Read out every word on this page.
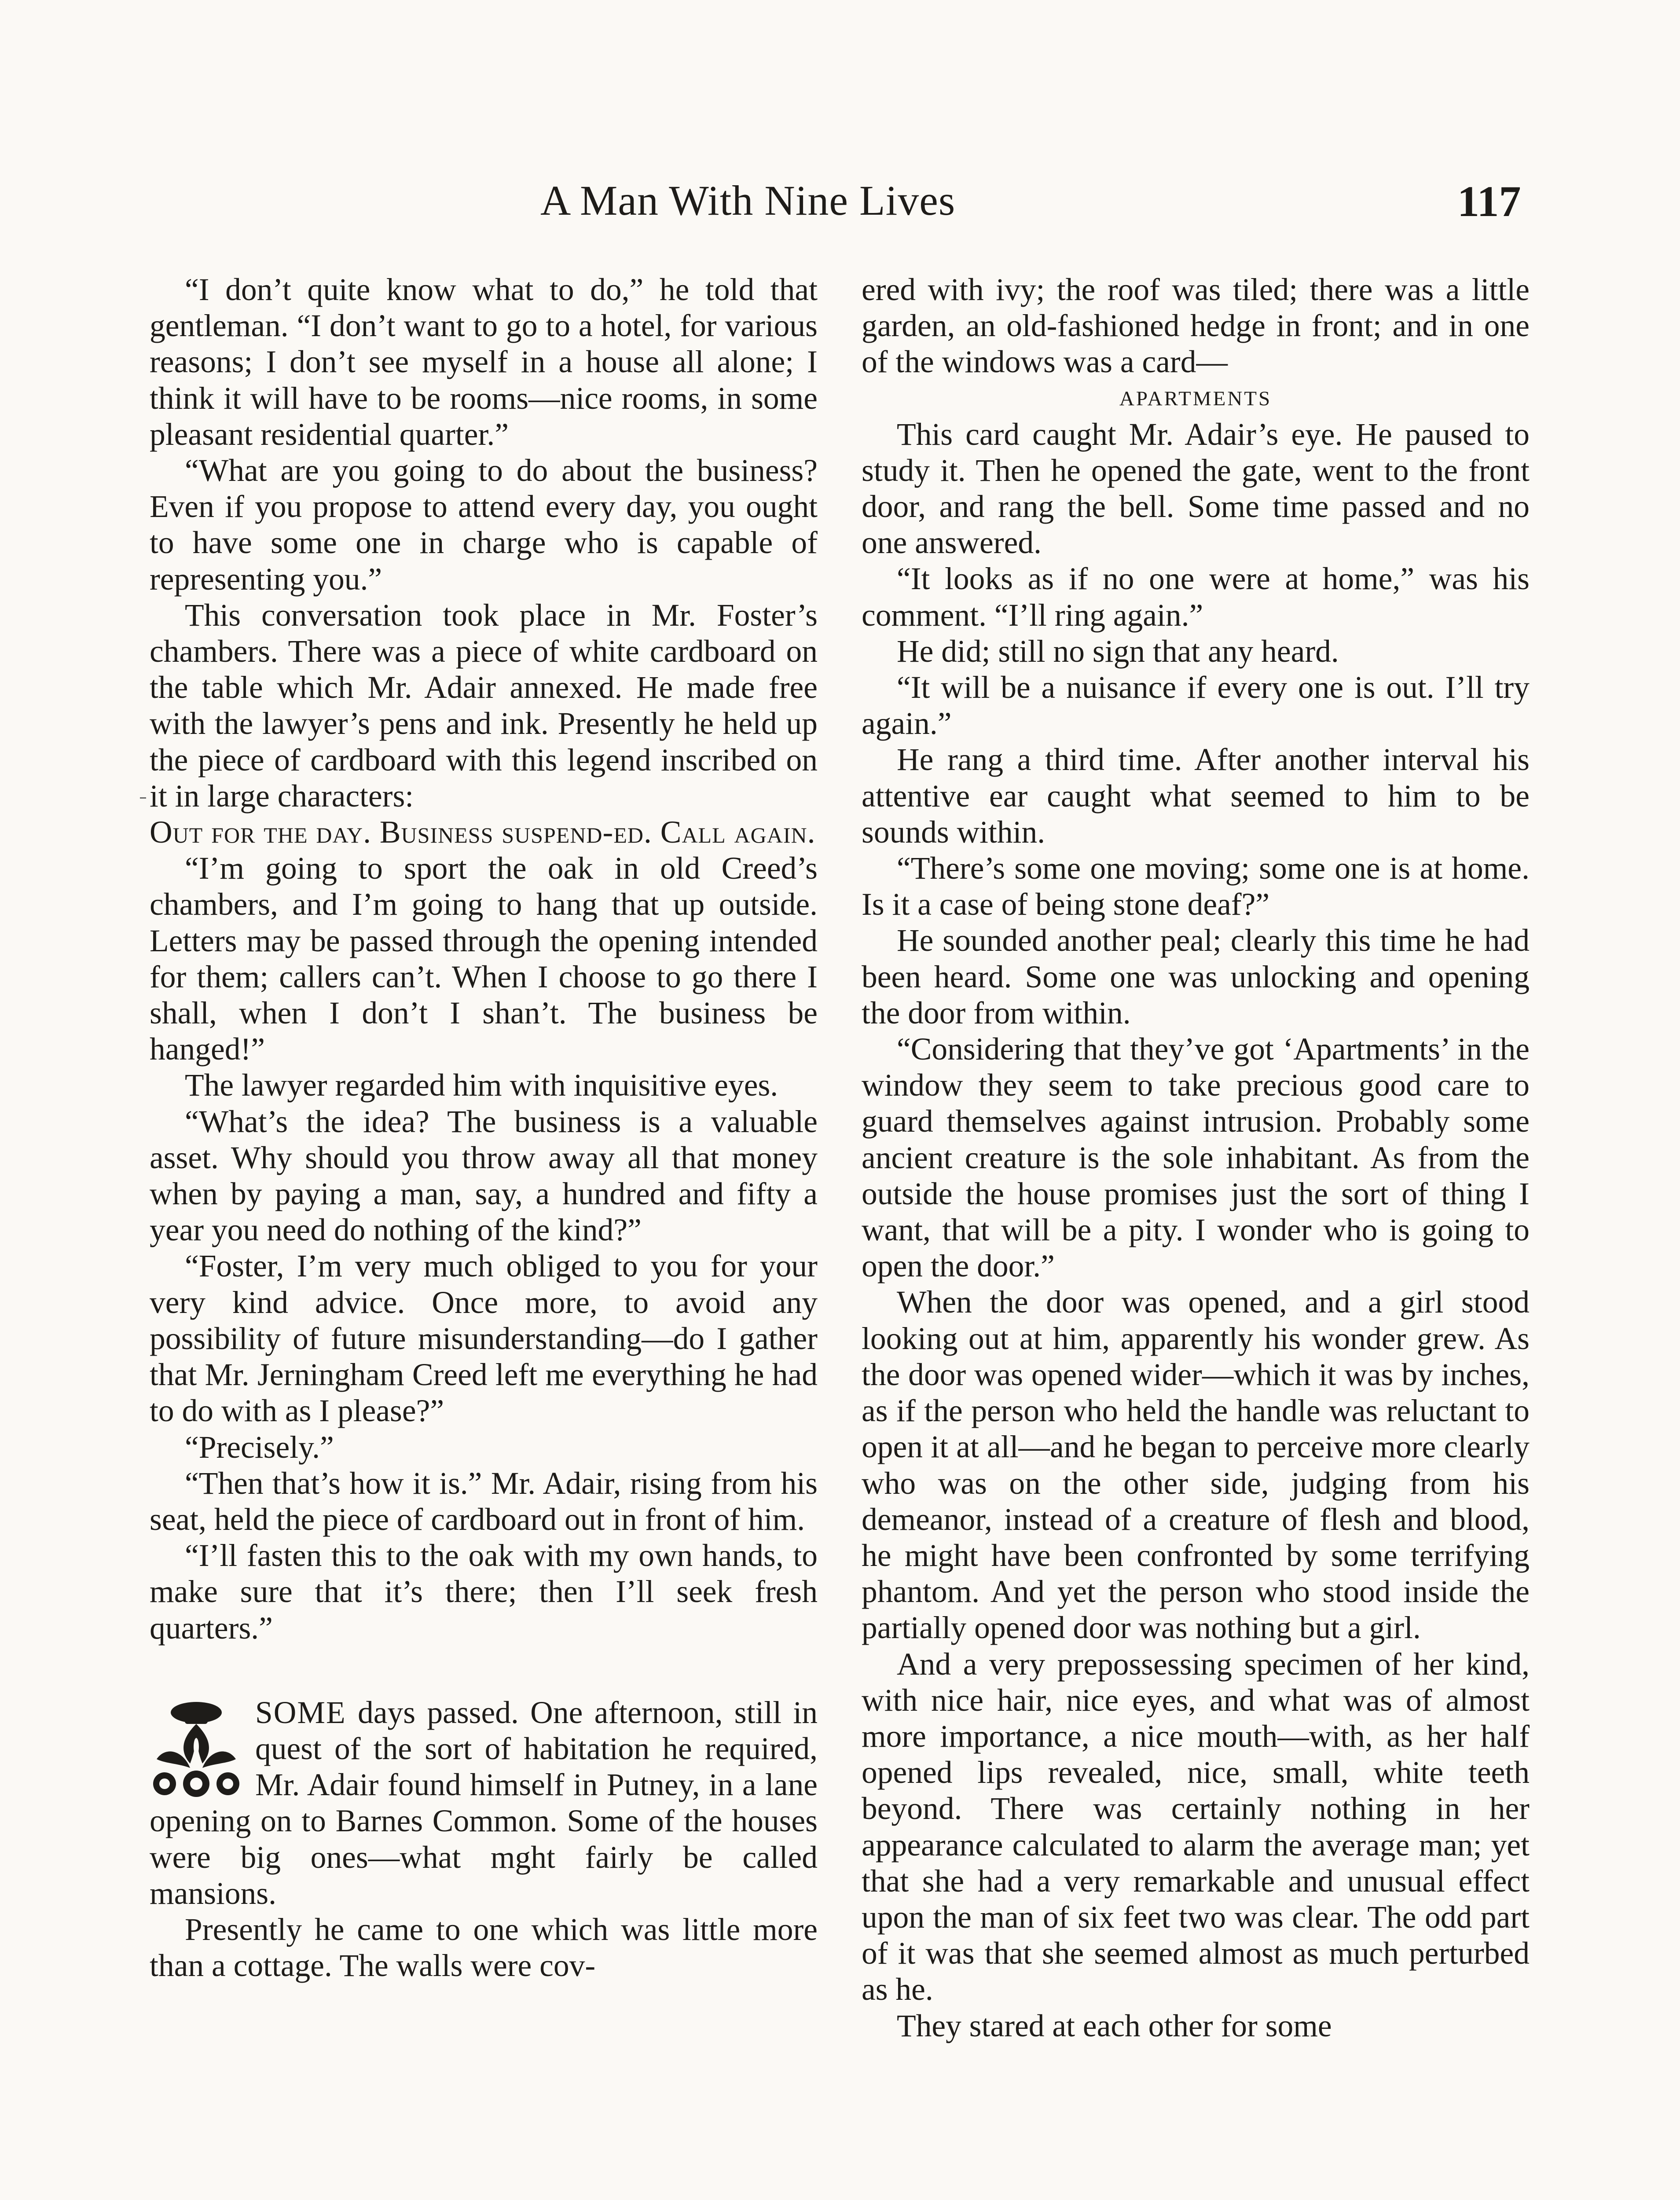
A Man With Nine Lives	117

“I don’t quite know what to do,” he told that gentleman. “I don’t want to go to a hotel, for various reasons; I don’t see myself in a house all alone; I think it will have to be rooms—nice rooms, in some pleasant residential quarter.”

“What are you going to do about the business? Even if you propose to attend every day, you ought to have some one in charge who is capable of representing you.”

This conversation took place in Mr. Foster’s chambers. There was a piece of white cardboard on the table which Mr. Adair annexed. He made free with the lawyer’s pens and ink. Presently he held up the piece of cardboard with this legend inscribed on it in large characters:

Out for the day. Business suspend-ed. Call again.

“I’m going to sport the oak in old Creed’s chambers, and I’m going to hang that up outside. Letters may be passed through the opening intended for them; callers can’t. When I choose to go there I shall, when I don’t I shan’t. The business be hanged!”

The lawyer regarded him with inquisitive eyes.

“What’s the idea? The business is a valuable asset. Why should you throw away all that money when by paying a man, say, a hundred and fifty a year you need do nothing of the kind?”

“Foster, I’m very much obliged to you for your very kind advice. Once more, to avoid any possibility of future misunderstanding—do I gather that Mr. Jerningham Creed left me everything he had to do with as I please?”

“Precisely.”

“Then that’s how it is.” Mr. Adair, rising from his seat, held the piece of cardboard out in front of him.

“I’ll fasten this to the oak with my own hands, to make sure that it’s there; then I’ll seek fresh quarters.”

SOME days passed. One afternoon, still in quest of the sort of habitation he required, Mr. Adair found himself in Putney, in a lane opening on to Barnes Common. Some of the houses were big ones—what mght fairly be called mansions.

Presently he came to one which was little more than a cottage. The walls were cov-

ered with ivy; the roof was tiled; there was a little garden, an old-fashioned hedge in front; and in one of the windows was a card—

APARTMENTS

This card caught Mr. Adair’s eye. He paused to study it. Then he opened the gate, went to the front door, and rang the bell. Some time passed and no one answered.

“It looks as if no one were at home,” was his comment. “I’ll ring again.”

He did; still no sign that any heard.

“It will be a nuisance if every one is out. I’ll try again.”

He rang a third time. After another interval his attentive ear caught what seemed to him to be sounds within.

“There’s some one moving; some one is at home. Is it a case of being stone deaf?”

He sounded another peal; clearly this time he had been heard. Some one was unlocking and opening the door from within.

“Considering that they’ve got ‘Apartments’ in the window they seem to take precious good care to guard themselves against intrusion. Probably some ancient creature is the sole inhabitant. As from the outside the house promises just the sort of thing I want, that will be a pity. I wonder who is going to open the door.”

When the door was opened, and a girl stood looking out at him, apparently his wonder grew. As the door was opened wider—which it was by inches, as if the person who held the handle was reluctant to open it at all—and he began to perceive more clearly who was on the other side, judging from his demeanor, instead of a creature of flesh and blood, he might have been confronted by some terrifying phantom. And yet the person who stood inside the partially opened door was nothing but a girl.

And a very prepossessing specimen of her kind, with nice hair, nice eyes, and what was of almost more importance, a nice mouth—with, as her half opened lips revealed, nice, small, white teeth beyond. There was certainly nothing in her appearance calculated to alarm the average man; yet that she had a very remarkable and unusual effect upon the man of six feet two was clear. The odd part of it was that she seemed almost as much perturbed as he.

They stared at each other for some
